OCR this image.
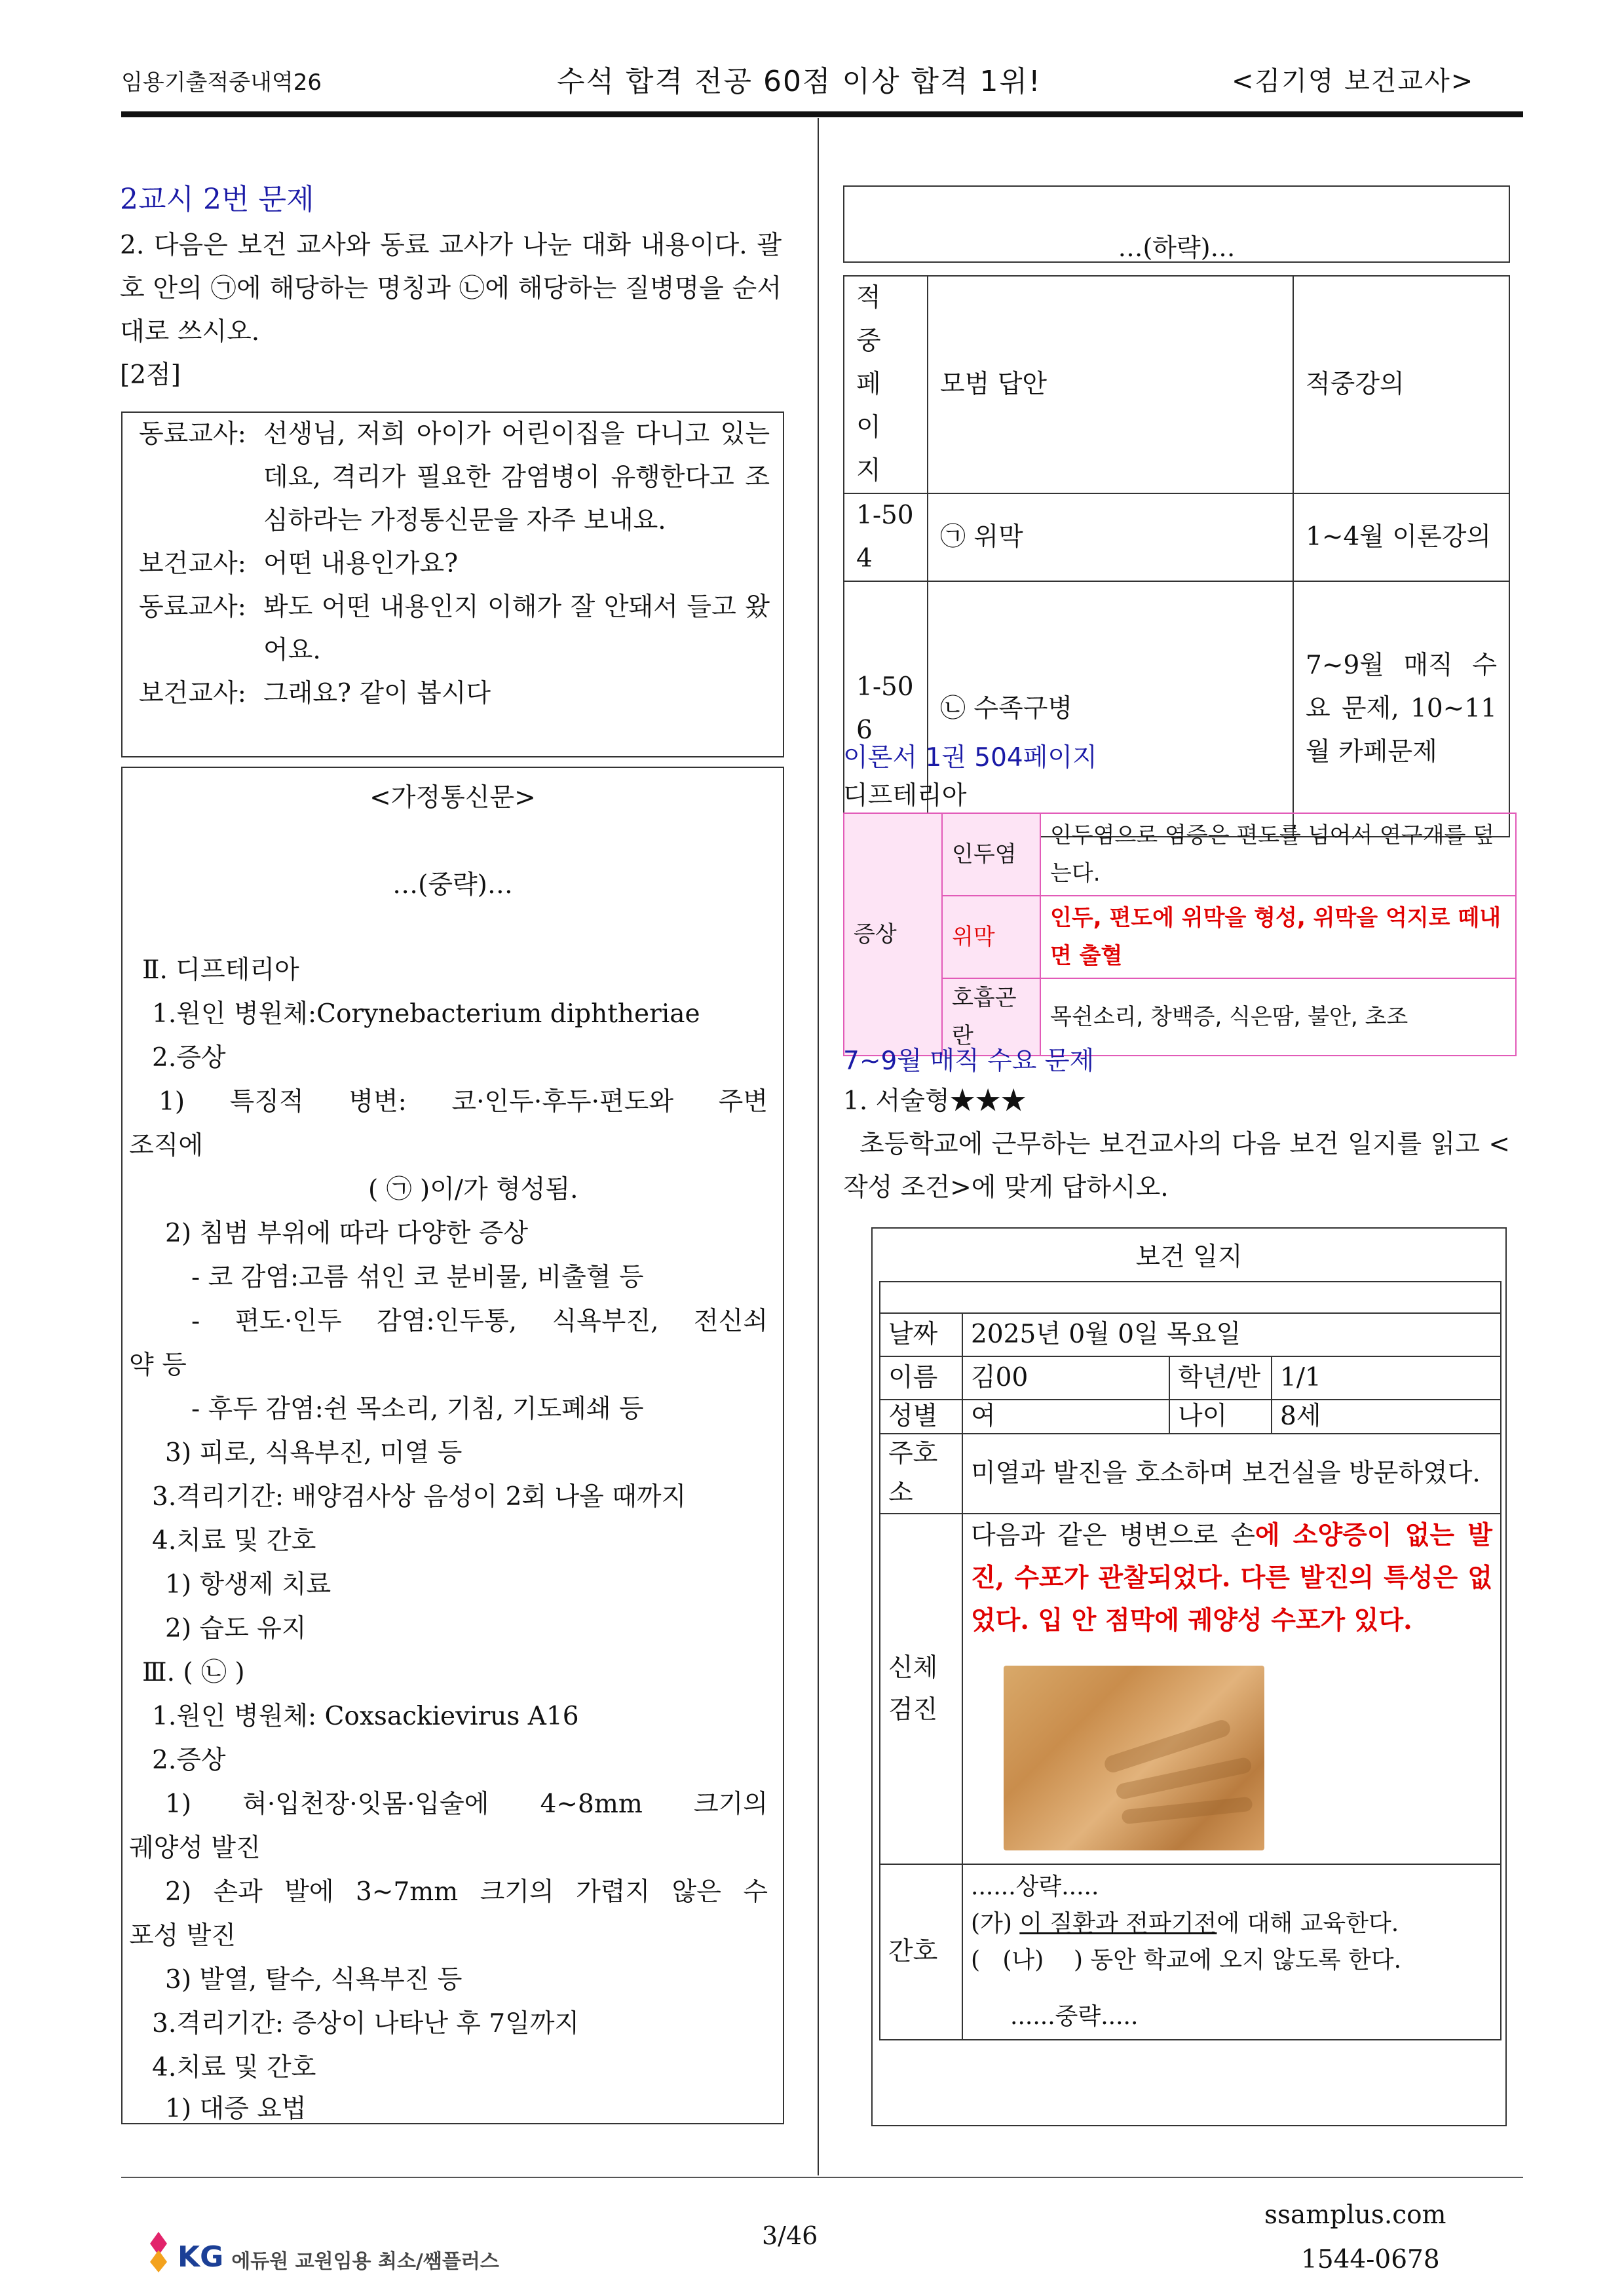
임용기출적중내역26	수석 합격 전공 60점 이상 합격 1위!	<김기영 보건교사>
2교시 2번 문제
2. 다음은 보건 교사와 동료 교사가 나눈 대화 내용이다. 괄호 안의 ㉠에 해당하는 명칭과 ㉡에 해당하는 질병명을 순서대로 쓰시오.
[2점]
동료교사: 선생님, 저희 아이가 어린이집을 다니고 있는데요, 격리가 필요한 감염병이 유행한다고 조심하라는 가정통신문을 자주 보내요.
보건교사: 어떤 내용인가요?
동료교사: 봐도 어떤 내용인지 이해가 잘 안돼서 들고 왔어요.
보건교사: 그래요? 같이 봅시다
<가정통신문>
…(중략)…
Ⅱ. 디프테리아
1.원인 병원체:Corynebacterium diphtheriae
2.증상
1) 특징적 병변: 코·인두·후두·편도와 주변
조직에
( ㉠ )이/가 형성됨.
2) 침범 부위에 따라 다양한 증상
- 코 감염:고름 섞인 코 분비물, 비출혈 등
- 편도·인두 감염:인두통, 식욕부진, 전신쇠
약 등
- 후두 감염:쉰 목소리, 기침, 기도폐쇄 등
3) 피로, 식욕부진, 미열 등
3.격리기간: 배양검사상 음성이 2회 나올 때까지
4.치료 및 간호
1) 항생제 치료
2) 습도 유지
Ⅲ. ( ㉡ )
1.원인 병원체: Coxsackievirus A16
2.증상
1) 혀·입천장·잇몸·입술에 4~8mm 크기의
궤양성 발진
2) 손과 발에 3~7mm 크기의 가렵지 않은 수
포성 발진
3) 발열, 탈수, 식욕부진 등
3.격리기간: 증상이 나타난 후 7일까지
4.치료 및 간호
1) 대증 요법
…(하략)…
적중
페이
지	모범 답안	적중강의
1-504	㉠ 위막	1~4월 이론강의
1-506	㉡ 수족구병	7~9월 매직 수요 문제, 10~11월 카페문제
이론서 1권 504페이지
디프테리아
증상	인두염	인두염으로 염증은 편도를 넘어서 연구개를 덮는다.
	위막	인두, 편도에 위막을 형성, 위막을 억지로 떼내면 출혈
	호흡곤란	목쉰소리, 창백증, 식은땀, 불안, 초조
7~9월 매직 수요 문제
1. 서술형★★★
초등학교에 근무하는 보건교사의 다음 보건 일지를 읽고 <작성 조건>에 맞게 답하시오.
보건 일지

날짜	2025년 0월 0일 목요일		
이름	김00	학년/반	1/1
성별	여	나이	8세
주호소	미열과 발진을 호소하며 보건실을 방문하였다.		
신체검진	다음과 같은 병변으로 손에 소양증이 없는 발진, 수포가 관찰되었다. 다른 발진의 특성은 없었다. 입 안 점막에 궤양성 수포가 있다.		

간호	......상략.....
(가) 이 질환과 전파기전에 대해 교육한다.
(   (나)    ) 동안 학교에 오지 않도록 한다.
......중략.....		
ssamplus.com
3/46
1544-0678
KG 에듀원 교원임용 최소/쌤플러스
